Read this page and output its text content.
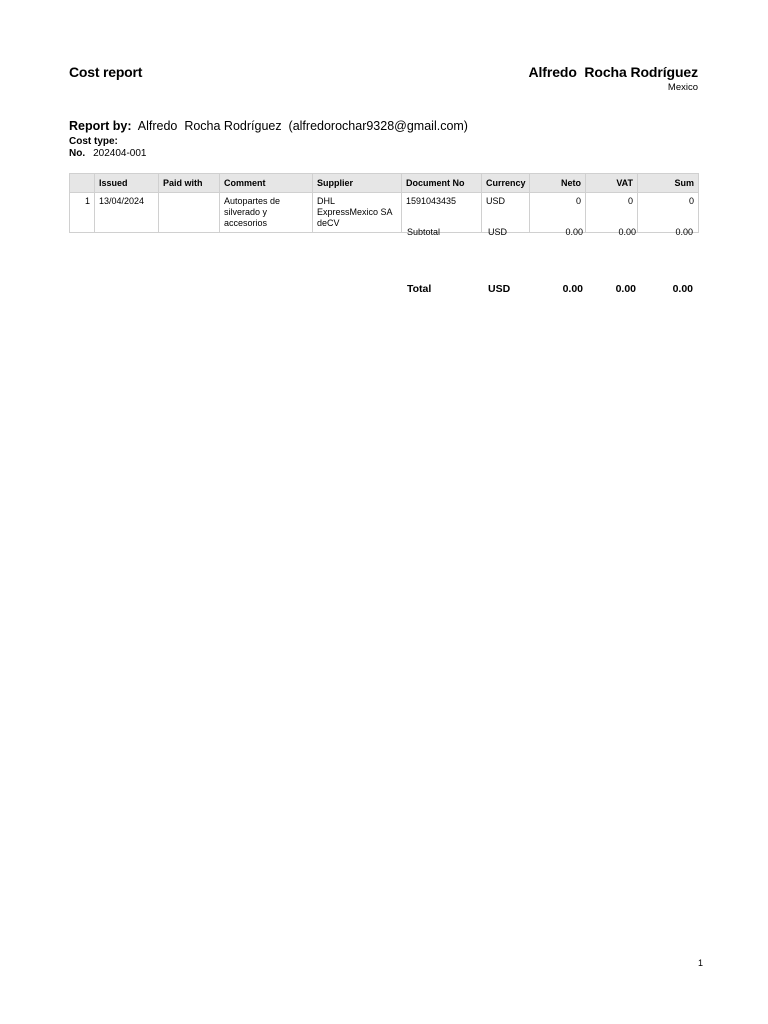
Cost report	Alfredo  Rocha Rodríguez
Mexico
Report by: Alfredo  Rocha Rodríguez  (alfredorochar9328@gmail.com)
Cost type:
No. 202404-001
	Issued	Paid with	Comment	Supplier	Document No	Currency	Neto	VAT	Sum
1	13/04/2024		Autopartes de silverado y accesorios	DHL ExpressMexico SA deCV	1591043435	USD	0	0	0
Subtotal	USD	0.00	0.00	0.00
Total	USD	0.00	0.00	0.00
1
